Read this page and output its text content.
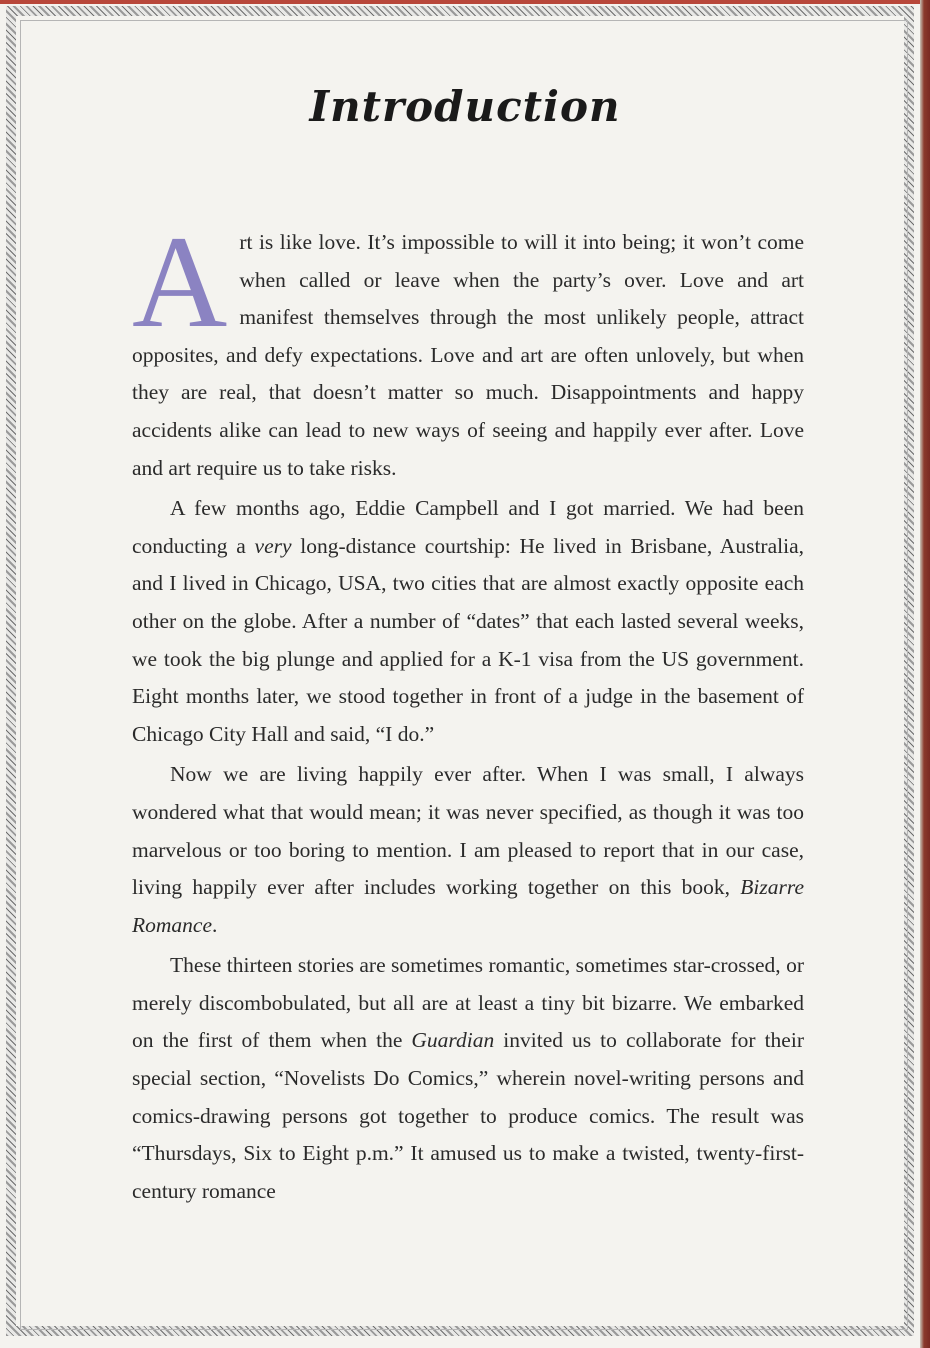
Introduction

Art is like love. It’s impossible to will it into being; it won’t come when called or leave when the party’s over. Love and art manifest themselves through the most unlikely people, attract opposites, and defy expectations. Love and art are often unlovely, but when they are real, that doesn’t matter so much. Disappointments and happy accidents alike can lead to new ways of seeing and happily ever after. Love and art require us to take risks.

A few months ago, Eddie Campbell and I got married. We had been conducting a very long-distance courtship: He lived in Brisbane, Australia, and I lived in Chicago, USA, two cities that are almost exactly opposite each other on the globe. After a number of “dates” that each lasted several weeks, we took the big plunge and applied for a K-1 visa from the US government. Eight months later, we stood together in front of a judge in the basement of Chicago City Hall and said, “I do.”

Now we are living happily ever after. When I was small, I always wondered what that would mean; it was never specified, as though it was too marvelous or too boring to mention. I am pleased to report that in our case, living happily ever after includes working together on this book, Bizarre Romance.

These thirteen stories are sometimes romantic, sometimes star-crossed, or merely discombobulated, but all are at least a tiny bit bizarre. We embarked on the first of them when the Guardian invited us to collaborate for their special section, “Novelists Do Comics,” wherein novel-writing persons and comics-drawing persons got together to produce comics. The result was “Thursdays, Six to Eight p.m.” It amused us to make a twisted, twenty-first-century romance
